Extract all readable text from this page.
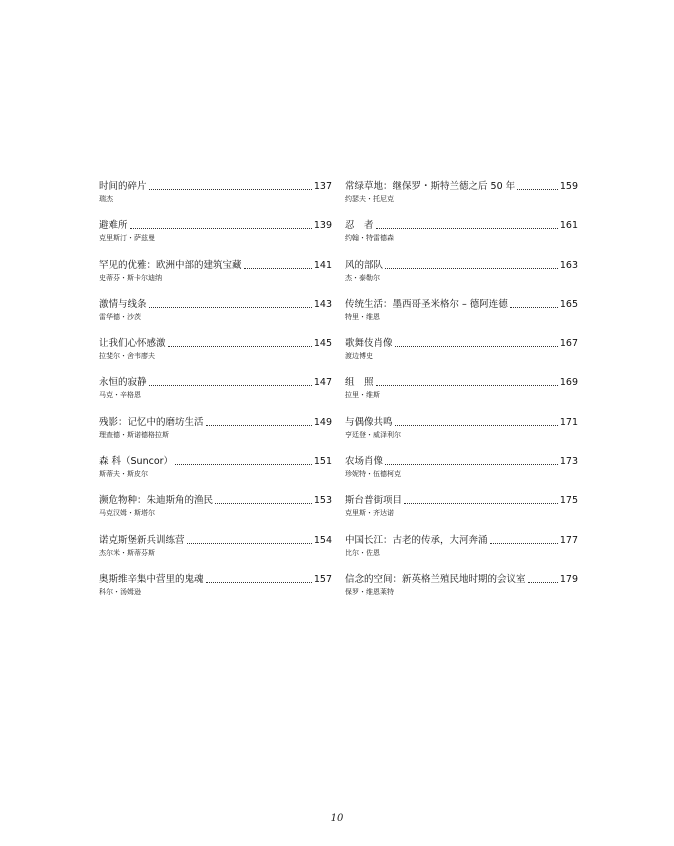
时间的碎片	137
瑞杰
避难所	139
克里斯汀・萨兹曼
罕见的优雅：欧洲中部的建筑宝藏	141
史蒂芬・斯卡尔迪纳
激情与线条	143
雷华德・沙茨
让我们心怀感激	145
拉斐尔・舍韦廖夫
永恒的寂静	147
马克・辛格恩
残影：记忆中的磨坊生活	149
理查德・斯诺德格拉斯
森 科（Suncor）	151
斯蒂夫・斯皮尔
濒危物种：朱迪斯角的渔民	153
马克汉姆・斯塔尔
诺克斯堡新兵训练营	154
杰尔米・斯蒂芬斯
奥斯维辛集中营里的鬼魂	157
科尔・汤姆逊
常绿草地：继保罗・斯特兰德之后 50 年	159
约瑟夫・托尼克
忍　者	161
约翰・特雷德森
风的部队	163
杰・泰勒尔
传统生活：墨西哥圣米格尔 – 德阿连德	165
特里・维恩
歌舞伎肖像	167
渡边博史
组　照	169
拉里・维斯
与偶像共鸣	171
亨廷登・威泽利尔
农场肖像	173
珍妮特・伍德柯克
斯台普街项目	175
克里斯・齐达诺
中国长江：古老的传承，大河奔涌	177
比尔・佐恩
信念的空间：新英格兰殖民地时期的会议室	179
保罗・维恩莱特
10
